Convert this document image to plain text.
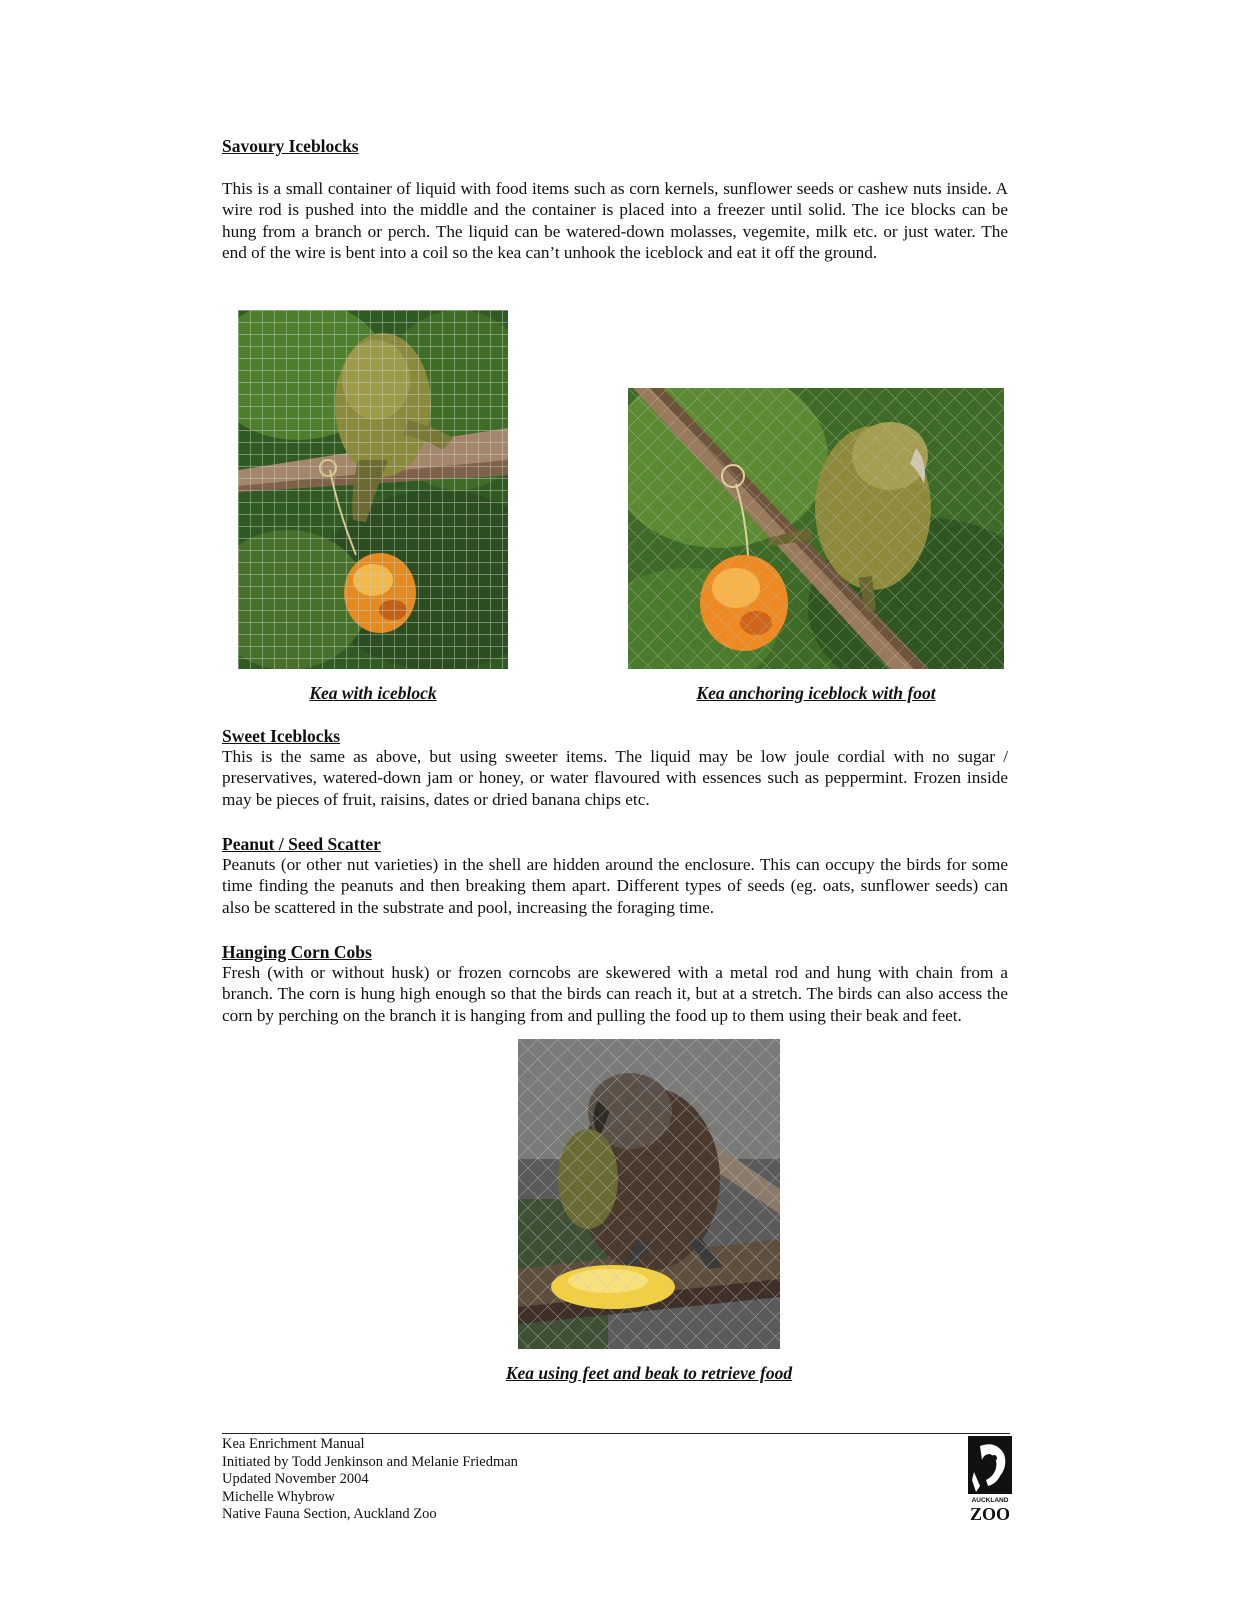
Savoury Iceblocks

This is a small container of liquid with food items such as corn kernels, sunflower seeds or cashew nuts inside. A wire rod is pushed into the middle and the container is placed into a freezer until solid. The ice blocks can be hung from a branch or perch. The liquid can be watered-down molasses, vegemite, milk etc. or just water. The end of the wire is bent into a coil so the kea can’t unhook the iceblock and eat it off the ground.

Kea with iceblock	Kea anchoring iceblock with foot

Sweet Iceblocks

This is the same as above, but using sweeter items. The liquid may be low joule cordial with no sugar / preservatives, watered-down jam or honey, or water flavoured with essences such as peppermint. Frozen inside may be pieces of fruit, raisins, dates or dried banana chips etc.

Peanut / Seed Scatter

Peanuts (or other nut varieties) in the shell are hidden around the enclosure. This can occupy the birds for some time finding the peanuts and then breaking them apart. Different types of seeds (eg. oats, sunflower seeds) can also be scattered in the substrate and pool, increasing the foraging time.

Hanging Corn Cobs

Fresh (with or without husk) or frozen corncobs are skewered with a metal rod and hung with chain from a branch. The corn is hung high enough so that the birds can reach it, but at a stretch. The birds can also access the corn by perching on the branch it is hanging from and pulling the food up to them using their beak and feet.

Kea using feet and beak to retrieve food
Kea Enrichment Manual
Initiated by Todd Jenkinson and Melanie Friedman
Updated November 2004
Michelle Whybrow
Native Fauna Section, Auckland Zoo
AUCKLAND
ZOO
